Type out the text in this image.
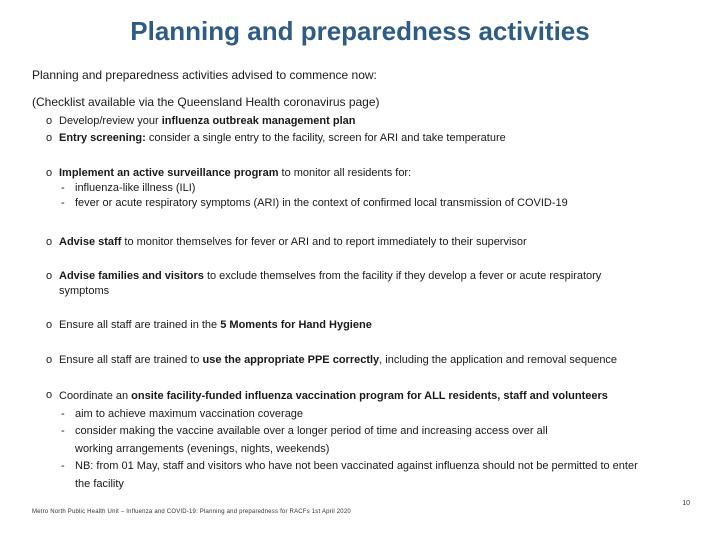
Planning and preparedness activities
Planning and preparedness activities advised to commence now:
(Checklist available via the Queensland Health coronavirus page)
o Develop/review your influenza outbreak management plan
o Entry screening: consider a single entry to the facility, screen for ARI and take temperature
o Implement an active surveillance program to monitor all residents for:
- influenza-like illness (ILI)
- fever or acute respiratory symptoms (ARI) in the context of confirmed local transmission of COVID-19
o Advise staff to monitor themselves for fever or ARI and to report immediately to their supervisor
o Advise families and visitors to exclude themselves from the facility if they develop a fever or acute respiratory
symptoms
o Ensure all staff are trained in the 5 Moments for Hand Hygiene
o Ensure all staff are trained to use the appropriate PPE correctly, including the application and removal sequence
o Coordinate an onsite facility-funded influenza vaccination program for ALL residents, staff and volunteers
- aim to achieve maximum vaccination coverage
- consider making the vaccine available over a longer period of time and increasing access over all
working arrangements (evenings, nights, weekends)
- NB: from 01 May, staff and visitors who have not been vaccinated against influenza should not be permitted to enter
the facility
10
Metro North Public Health Unit – Influenza and COVID-19: Planning and preparedness for RACFs 1st April 2020
